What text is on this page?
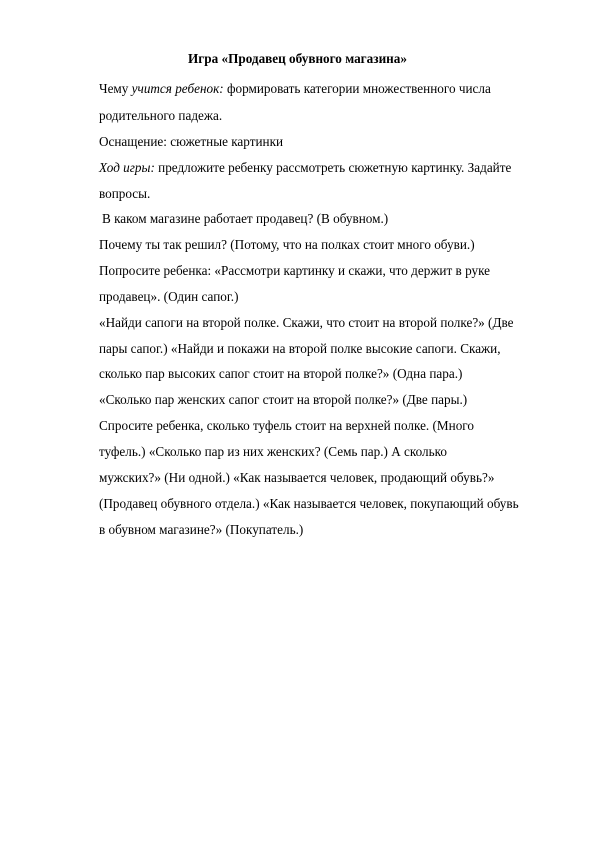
Игра «Продавец обувного магазина»
Чему учится ребенок: формировать категории множественного числа
родительного падежа.
Оснащение: сюжетные картинки
Ход игры: предложите ребенку рассмотреть сюжетную картинку. Задайте
вопросы.
В каком магазине работает продавец? (В обувном.)
Почему ты так решил? (Потому, что на полках стоит много обуви.)
Попросите ребенка: «Рассмотри картинку и скажи, что держит в руке
продавец». (Один сапог.)
«Найди сапоги на второй полке. Скажи, что стоит на второй полке?» (Две
пары сапог.) «Найди и покажи на второй полке высокие сапоги. Скажи,
сколько пар высоких сапог стоит на второй полке?» (Одна пара.)
«Сколько пар женских сапог стоит на второй полке?» (Две пары.)
Спросите ребенка, сколько туфель стоит на верхней полке. (Много
туфель.) «Сколько пар из них женских? (Семь пар.) А сколько
мужских?» (Ни одной.) «Как называется человек, продающий обувь?»
(Продавец обувного отдела.) «Как называется человек, покупающий обувь
в обувном магазине?» (Покупатель.)
